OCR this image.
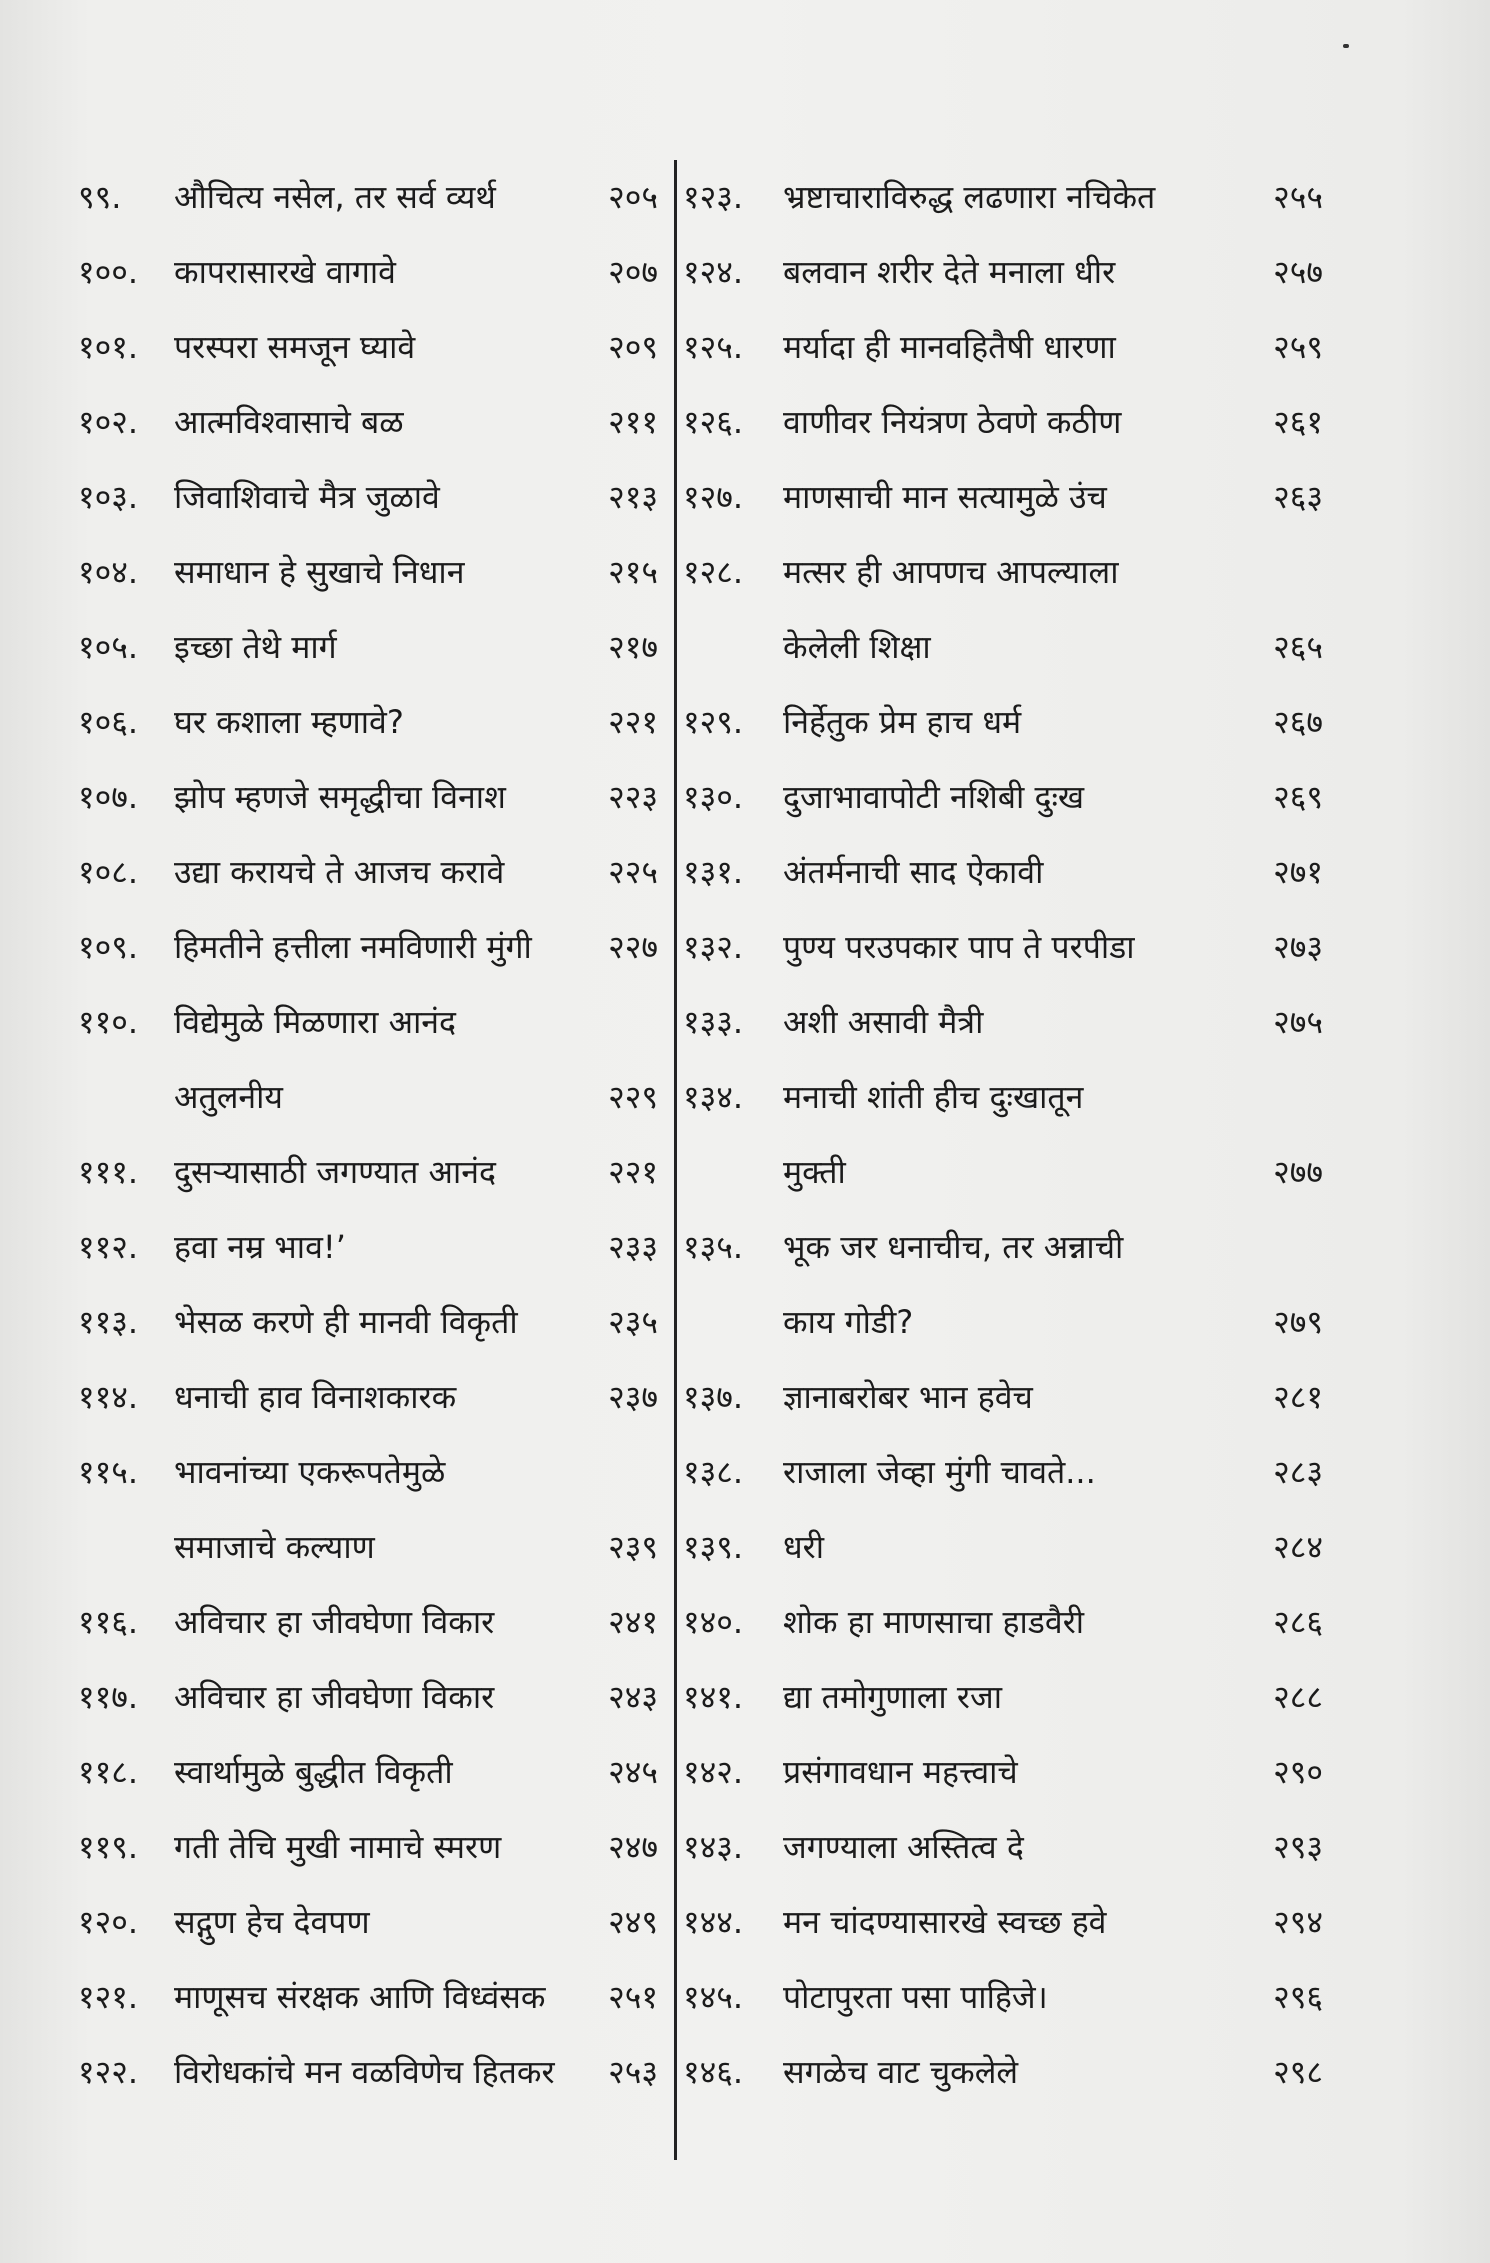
९९. औचित्य नसेल, तर सर्व व्यर्थ	२०५
१००. कापरासारखे वागावे	२०७
१०१. परस्परा समजून घ्यावे	२०९
१०२. आत्मविश्वासाचे बळ	२११
१०३. जिवाशिवाचे मैत्र जुळावे	२१३
१०४. समाधान हे सुखाचे निधान	२१५
१०५. इच्छा तेथे मार्ग	२१७
१०६. घर कशाला म्हणावे?	२२१
१०७. झोप म्हणजे समृद्धीचा विनाश	२२३
१०८. उद्या करायचे ते आजच करावे	२२५
१०९. हिमतीने हत्तीला नमविणारी मुंगी २२७
११०. विद्येमुळे मिळणारा आनंद
अतुलनीय	२२९
१११. दुसऱ्यासाठी जगण्यात आनंद	२२१
११२. हवा नम्र भाव!’	२३३
११३. भेसळ करणे ही मानवी विकृती	२३५
११४. धनाची हाव विनाशकारक	२३७
११५. भावनांच्या एकरूपतेमुळे
समाजाचे कल्याण	२३९
११६. अविचार हा जीवघेणा विकार	२४१
११७. अविचार हा जीवघेणा विकार	२४३
११८. स्वार्थामुळे बुद्धीत विकृती	२४५
११९. गती तेचि मुखी नामाचे स्मरण	२४७
१२०. सद्गुण हेच देवपण	२४९
१२१. माणूसच संरक्षक आणि विध्वंसक २५१
१२२. विरोधकांचे मन वळविणेच हितकर २५३
१२३. भ्रष्टाचाराविरुद्ध लढणारा नचिकेत	२५५
१२४. बलवान शरीर देते मनाला धीर	२५७
१२५. मर्यादा ही मानवहितैषी धारणा	२५९
१२६. वाणीवर नियंत्रण ठेवणे कठीण	२६१
१२७. माणसाची मान सत्यामुळे उंच	२६३
१२८. मत्सर ही आपणच आपल्याला
केलेली शिक्षा	२६५
१२९. निर्हेतुक प्रेम हाच धर्म	२६७
१३०. दुजाभावापोटी नशिबी दुःख	२६९
१३१. अंतर्मनाची साद ऐकावी	२७१
१३२. पुण्य परउपकार पाप ते परपीडा	२७३
१३३. अशी असावी मैत्री	२७५
१३४. मनाची शांती हीच दुःखातून
मुक्ती	२७७
१३५. भूक जर धनाचीच, तर अन्नाची
काय गोडी?	२७९
१३७. ज्ञानाबरोबर भान हवेच	२८१
१३८. राजाला जेव्हा मुंगी चावते...	२८३
१३९. धरी	२८४
१४०. शोक हा माणसाचा हाडवैरी	२८६
१४१. द्या तमोगुणाला रजा	२८८
१४२. प्रसंगावधान महत्त्वाचे	२९०
१४३. जगण्याला अस्तित्व दे	२९३
१४४. मन चांदण्यासारखे स्वच्छ हवे	२९४
१४५. पोटापुरता पसा पाहिजे।	२९६
१४६. सगळेच वाट चुकलेले	२९८
